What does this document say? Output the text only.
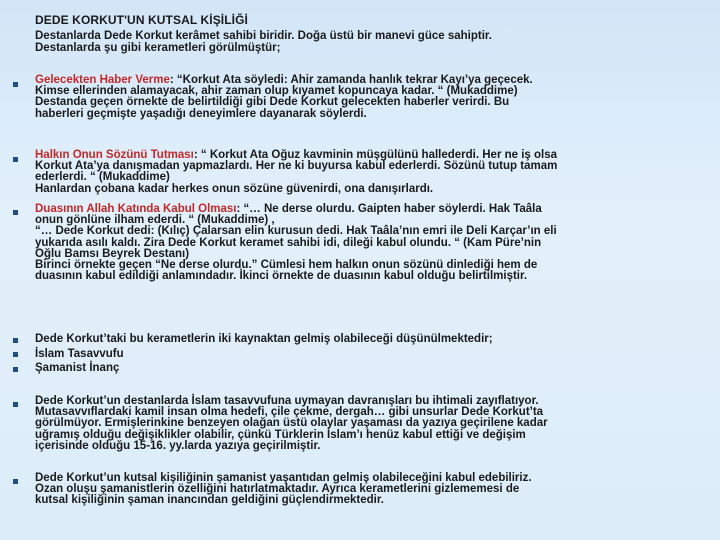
DEDE KORKUT'UN KUTSAL KİŞİLİĞİ
Destanlarda Dede Korkut kerâmet sahibi biridir. Doğa üstü bir manevi güce sahiptir.
Destanlarda şu gibi kerametleri görülmüştür;
Gelecekten Haber Verme: “Korkut Ata söyledi: Ahir zamanda hanlık tekrar Kayı’ya geçecek.
Kimse ellerinden alamayacak, ahir zaman olup kıyamet kopuncaya kadar. “ (Mukaddime)
Destanda geçen örnekte de belirtildiği gibi Dede Korkut gelecekten haberler verirdi. Bu
haberleri geçmişte yaşadığı deneyimlere dayanarak söylerdi.
Halkın Onun Sözünü Tutması: “ Korkut Ata Oğuz kavminin müşgülünü hallederdi. Her ne iş olsa
Korkut Ata’ya danışmadan yapmazlardı. Her ne ki buyursa kabul ederlerdi. Sözünü tutup tamam
ederlerdi. “ (Mukaddime)
Hanlardan çobana kadar herkes onun sözüne güvenirdi, ona danışırlardı.
Duasının Allah Katında Kabul Olması: “… Ne derse olurdu. Gaipten haber söylerdi. Hak Taâla
onun gönlüne ilham ederdi. “ (Mukaddime) ,
“… Dede Korkut dedi: (Kılıç) Çalarsan elin kurusun dedi. Hak Taâla’nın emri ile Deli Karçar’ın eli
yukarıda asılı kaldı. Zira Dede Korkut keramet sahibi idi, dileği kabul olundu. “ (Kam Püre’nin
Oğlu Bamsı Beyrek Destanı)
Birinci örnekte geçen “Ne derse olurdu.” Cümlesi hem halkın onun sözünü dinlediği hem de
duasının kabul edildiği anlamındadır. İkinci örnekte de duasının kabul olduğu belirtilmiştir.
Dede Korkut’taki bu kerametlerin iki kaynaktan gelmiş olabileceği düşünülmektedir;
İslam Tasavvufu
Şamanist İnanç
Dede Korkut’un destanlarda İslam tasavvufuna uymayan davranışları bu ihtimali zayıflatıyor.
Mutasavvıflardaki kamil insan olma hedefi, çile çekme, dergah… gibi unsurlar Dede Korkut’ta
görülmüyor. Ermişlerinkine benzeyen olağan üstü olaylar yaşaması da yazıya geçirilene kadar
uğramış olduğu değişiklikler olabilir, çünkü Türklerin İslam’ı henüz kabul ettiği ve değişim
içerisinde olduğu 15-16. yy.larda yazıya geçirilmiştir.
Dede Korkut’un kutsal kişiliğinin şamanist yaşantıdan gelmiş olabileceğini kabul edebiliriz.
Ozan oluşu şamanistlerin özelliğini hatırlatmaktadır. Ayrıca kerametlerini gizlememesi de
kutsal kişiliğinin şaman inancından geldiğini güçlendirmektedir.
